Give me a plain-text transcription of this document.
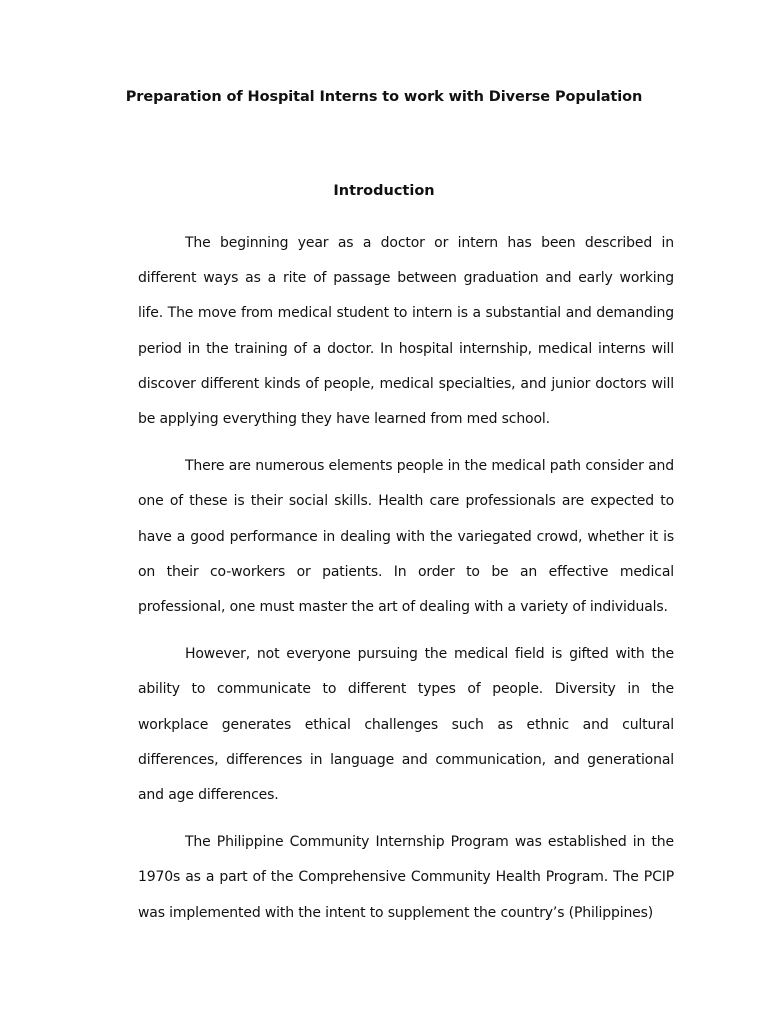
Preparation of Hospital Interns to work with Diverse Population
Introduction

The beginning year as a doctor or intern has been described in different ways as a rite of passage between graduation and early working life. The move from medical student to intern is a substantial and demanding period in the training of a doctor. In hospital internship, medical interns will discover different kinds of people, medical specialties, and junior doctors will be applying everything they have learned from med school.

There are numerous elements people in the medical path consider and one of these is their social skills. Health care professionals are expected to have a good performance in dealing with the variegated crowd, whether it is on their co-workers or patients. In order to be an effective medical professional, one must master the art of dealing with a variety of individuals.

However, not everyone pursuing the medical field is gifted with the ability to communicate to different types of people. Diversity in the workplace generates ethical challenges such as ethnic and cultural differences, differences in language and communication, and generational and age differences.

The Philippine Community Internship Program was established in the 1970s as a part of the Comprehensive Community Health Program. The PCIP was implemented with the intent to supplement the country’s (Philippines)
